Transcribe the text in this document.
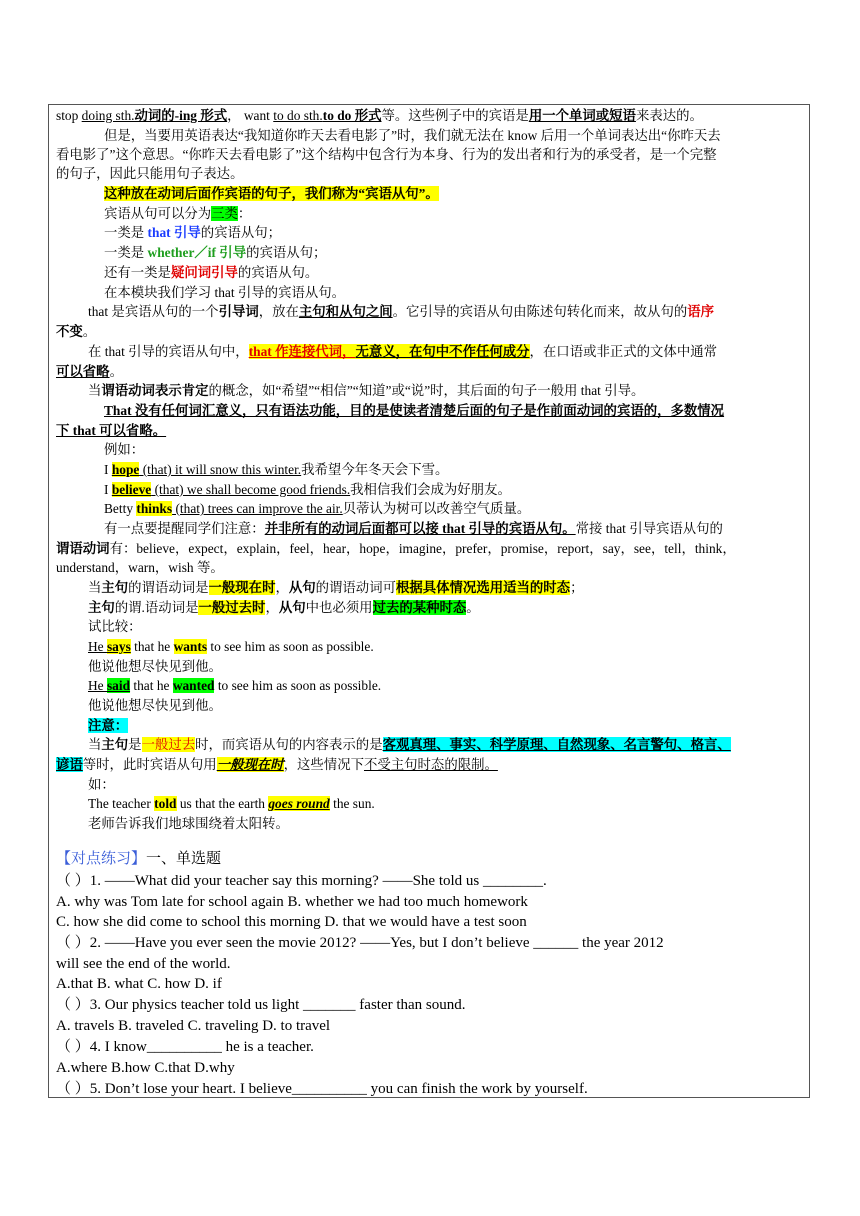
stop doing sth.动词的-ing 形式， want to do sth.to do 形式等。这些例子中的宾语是用一个单词或短语来表达的。
但是，当要用英语表达“我知道你昨天去看电影了”时，我们就无法在 know 后用一个单词表达出“你昨天去
看电影了”这个意思。“你昨天去看电影了”这个结构中包含行为本身、行为的发出者和行为的承受者，是一个完整
的句子，因此只能用句子表达。
这种放在动词后面作宾语的句子，我们称为“宾语从句”。
宾语从句可以分为三类：
一类是 that 引导的宾语从句；
一类是 whether／if 引导的宾语从句；
还有一类是疑问词引导的宾语从句。
在本模块我们学习 that 引导的宾语从句。
that 是宾语从句的一个引导词，放在主句和从句之间。它引导的宾语从句由陈述句转化而来，故从句的语序
不变。
在 that 引导的宾语从句中，that 作连接代词，无意义，在句中不作任何成分，在口语或非正式的文体中通常
可以省略。
当谓语动词表示肯定的概念，如“希望”“相信”“知道”或“说”时，其后面的句子一般用 that 引导。
That 没有任何词汇意义，只有语法功能，目的是使读者清楚后面的句子是作前面动词的宾语的，多数情况
下 that 可以省略。
例如：
I hope (that) it will snow this winter.我希望今年冬天会下雪。
I believe (that) we shall become good friends.我相信我们会成为好朋友。
Betty thinks (that) trees can improve the air.贝蒂认为树可以改善空气质量。
有一点要提醒同学们注意：并非所有的动词后面都可以接 that 引导的宾语从句。常接 that 引导宾语从句的
谓语动词有：believe，expect，explain，feel，hear，hope，imagine，prefer，promise，report，say，see，tell，think，
understand，warn，wish 等。
当主句的谓语动词是一般现在时，从句的谓语动词可根据具体情况选用适当的时态；
主句的谓.语动词是一般过去时，从句中也必须用过去的某种时态。
试比较：
He says that he wants to see him as soon as possible.
他说他想尽快见到他。
He said that he wanted to see him as soon as possible.
他说他想尽快见到他。
注意：
当主句是一般过去时，而宾语从句的内容表示的是客观真理、事实、科学原理、自然现象、名言警句、格言、
谚语等时，此时宾语从句用一般现在时，这些情况下不受主句时态的限制。
如：
The teacher told us that the earth goes round the sun.
老师告诉我们地球围绕着太阳转。
【对点练习】一、单选题
（ ）1. ——What did your teacher say this morning? ——She told us ________.
A. why was Tom late for school again B. whether we had too much homework
C. how she did come to school this morning D. that we would have a test soon
（ ）2. ——Have you ever seen the movie 2012? ——Yes, but I don’t believe ______ the year 2012
will see the end of the world.
A.that B. what C. how D. if
（ ）3. Our physics teacher told us light _______ faster than sound.
A. travels B. traveled C. traveling D. to travel
（ ）4. I know__________ he is a teacher.
A.where B.how C.that D.why
（ ）5. Don’t lose your heart. I believe__________ you can finish the work by yourself.
